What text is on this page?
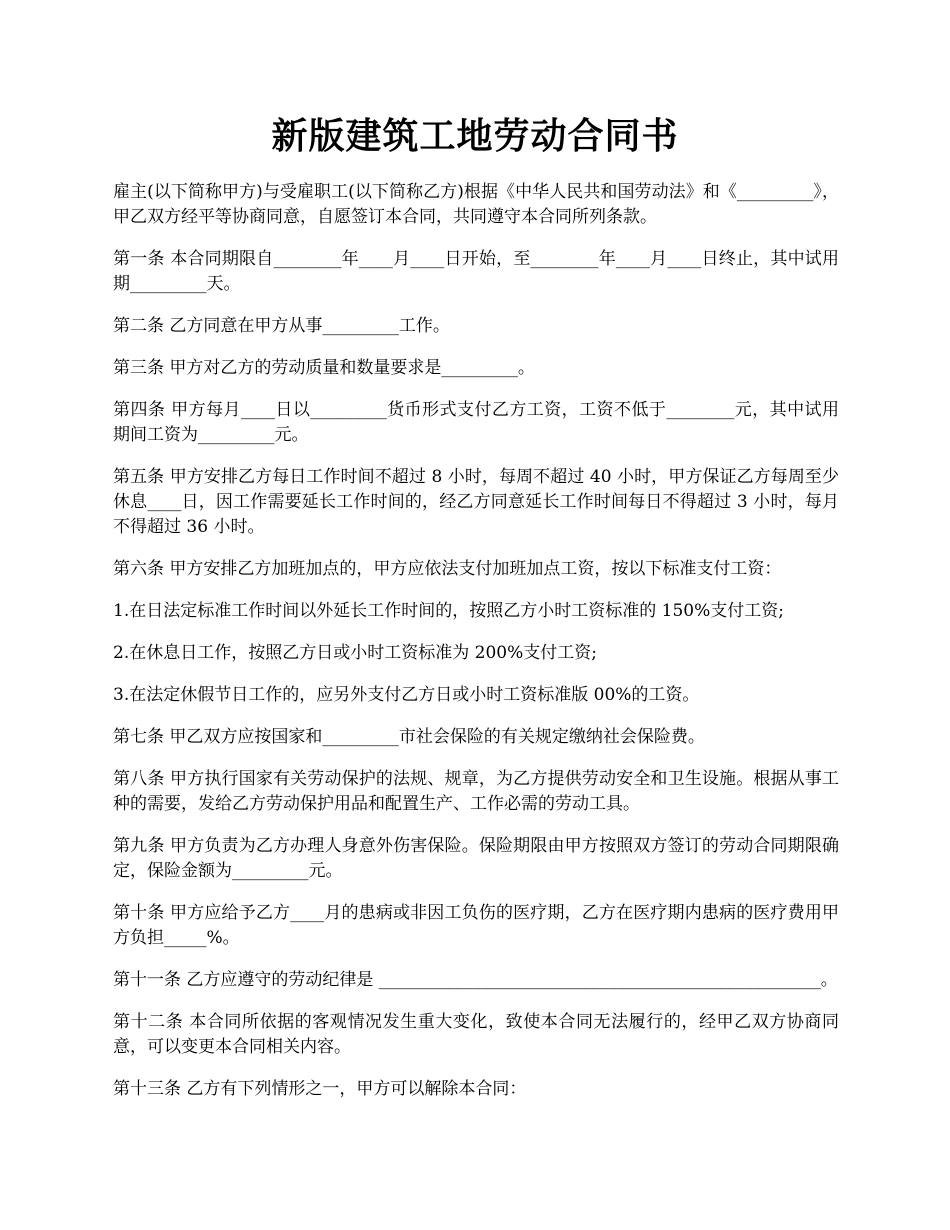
新版建筑工地劳动合同书

雇主(以下简称甲方)与受雇职工(以下简称乙方)根据《中华人民共和国劳动法》和《_________》，甲乙双方经平等协商同意，自愿签订本合同，共同遵守本合同所列条款。

第一条 本合同期限自________年____月____日开始，至________年____月____日终止，其中试用期_________天。

第二条 乙方同意在甲方从事_________工作。

第三条 甲方对乙方的劳动质量和数量要求是_________。

第四条 甲方每月____日以_________货币形式支付乙方工资，工资不低于________元，其中试用期间工资为_________元。

第五条 甲方安排乙方每日工作时间不超过 8 小时，每周不超过 40 小时，甲方保证乙方每周至少休息____日，因工作需要延长工作时间的，经乙方同意延长工作时间每日不得超过 3 小时，每月不得超过 36 小时。

第六条 甲方安排乙方加班加点的，甲方应依法支付加班加点工资，按以下标准支付工资：

1.在日法定标准工作时间以外延长工作时间的，按照乙方小时工资标准的 150%支付工资;

2.在休息日工作，按照乙方日或小时工资标准为 200%支付工资;

3.在法定休假节日工作的，应另外支付乙方日或小时工资标准版 00%的工资。

第七条 甲乙双方应按国家和_________市社会保险的有关规定缴纳社会保险费。

第八条 甲方执行国家有关劳动保护的法规、规章，为乙方提供劳动安全和卫生设施。根据从事工种的需要，发给乙方劳动保护用品和配置生产、工作必需的劳动工具。

第九条 甲方负责为乙方办理人身意外伤害保险。保险期限由甲方按照双方签订的劳动合同期限确定，保险金额为_________元。

第十条 甲方应给予乙方____月的患病或非因工负伤的医疗期，乙方在医疗期内患病的医疗费用甲方负担_____%。

第十一条 乙方应遵守的劳动纪律是 ____________________________________________________。

第十二条 本合同所依据的客观情况发生重大变化，致使本合同无法履行的，经甲乙双方协商同意，可以变更本合同相关内容。

第十三条 乙方有下列情形之一，甲方可以解除本合同：
